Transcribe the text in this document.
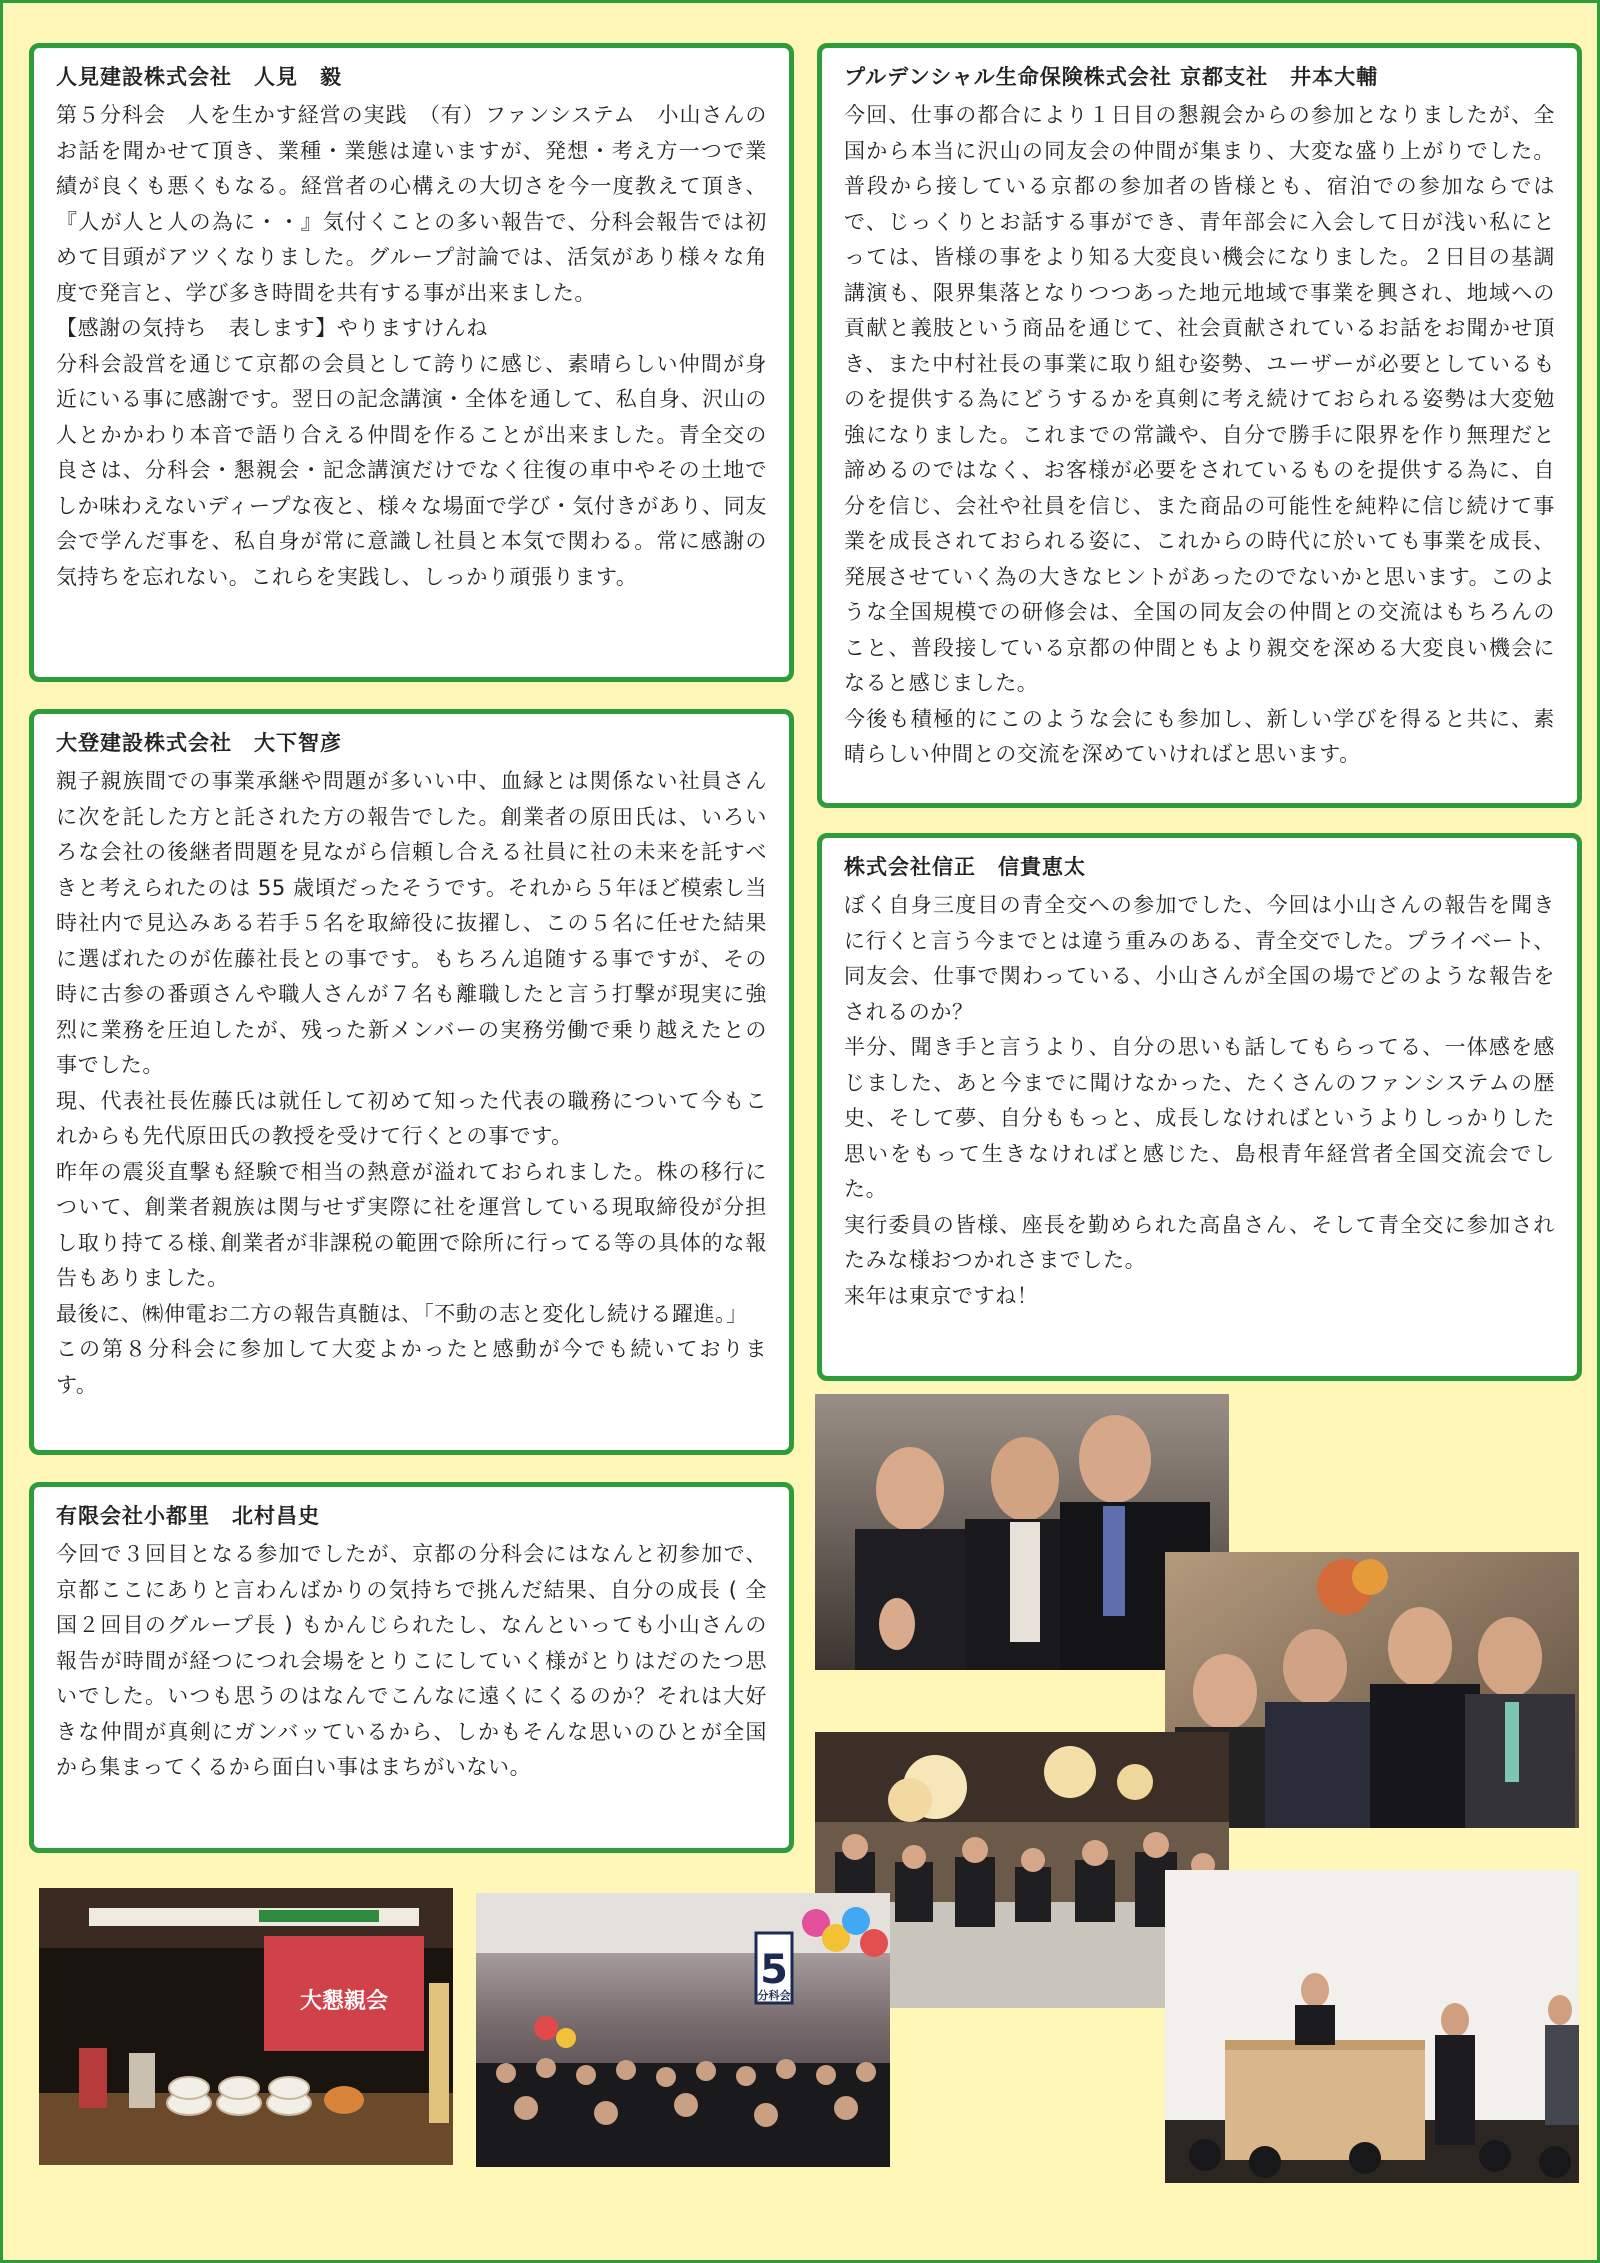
人見建設株式会社　人見　毅

第５分科会　人を生かす経営の実践　（有）ファンシステム　小山さんのお話を聞かせて頂き、業種・業態は違いますが、発想・考え方一つで業績が良くも悪くもなる。経営者の心構えの大切さを今一度教えて頂き、『人が人と人の為に・・』気付くことの多い報告で、分科会報告では初めて目頭がアツくなりました。グループ討論では、活気があり様々な角度で発言と、学び多き時間を共有する事が出来ました。

【感謝の気持ち　表します】やりますけんね

分科会設営を通じて京都の会員として誇りに感じ、素晴らしい仲間が身近にいる事に感謝です。翌日の記念講演・全体を通して、私自身、沢山の人とかかわり本音で語り合える仲間を作ることが出来ました。青全交の良さは、分科会・懇親会・記念講演だけでなく往復の車中やその土地でしか味わえないディープな夜と、様々な場面で学び・気付きがあり、同友会で学んだ事を、私自身が常に意識し社員と本気で関わる。常に感謝の気持ちを忘れない。これらを実践し、しっかり頑張ります。

大登建設株式会社　大下智彦

親子親族間での事業承継や問題が多いい中、血縁とは関係ない社員さんに次を託した方と託された方の報告でした。創業者の原田氏は、いろいろな会社の後継者問題を見ながら信頼し合える社員に社の未来を託すべきと考えられたのは 55 歳頃だったそうです。それから５年ほど模索し当時社内で見込みある若手５名を取締役に抜擢し、この５名に任せた結果に選ばれたのが佐藤社長との事です。もちろん追随する事ですが、その時に古参の番頭さんや職人さんが７名も離職したと言う打撃が現実に強烈に業務を圧迫したが、残った新メンバーの実務労働で乗り越えたとの事でした。

現、代表社長佐藤氏は就任して初めて知った代表の職務について今もこれからも先代原田氏の教授を受けて行くとの事です。

昨年の震災直撃も経験で相当の熱意が溢れておられました。株の移行について、創業者親族は関与せず実際に社を運営している現取締役が分担し取り持てる様､創業者が非課税の範囲で除所に行ってる等の具体的な報告もありました。

最後に、㈱伸電お二方の報告真髄は､「不動の志と変化し続ける躍進｡」

この第８分科会に参加して大変よかったと感動が今でも続いております。

有限会社小都里　北村昌史

今回で３回目となる参加でしたが、京都の分科会にはなんと初参加で、京都ここにありと言わんばかりの気持ちで挑んだ結果、自分の成長 ( 全国２回目のグループ長 ) もかんじられたし、なんといっても小山さんの報告が時間が経つにつれ会場をとりこにしていく様がとりはだのたつ思いでした。いつも思うのはなんでこんなに遠くにくるのか？それは大好きな仲間が真剣にガンバッているから、しかもそんな思いのひとが全国から集まってくるから面白い事はまちがいない。

プルデンシャル生命保険株式会社 京都支社　井本大輔

今回、仕事の都合により１日目の懇親会からの参加となりましたが、全国から本当に沢山の同友会の仲間が集まり、大変な盛り上がりでした。普段から接している京都の参加者の皆様とも、宿泊での参加ならではで、じっくりとお話する事ができ、青年部会に入会して日が浅い私にとっては、皆様の事をより知る大変良い機会になりました。２日目の基調講演も、限界集落となりつつあった地元地域で事業を興され、地域への貢献と義肢という商品を通じて、社会貢献されているお話をお聞かせ頂き、また中村社長の事業に取り組む姿勢、ユーザーが必要としているものを提供する為にどうするかを真剣に考え続けておられる姿勢は大変勉強になりました。これまでの常識や、自分で勝手に限界を作り無理だと諦めるのではなく、お客様が必要をされているものを提供する為に、自分を信じ、会社や社員を信じ、また商品の可能性を純粋に信じ続けて事業を成長されておられる姿に、これからの時代に於いても事業を成長、発展させていく為の大きなヒントがあったのでないかと思います。このような全国規模での研修会は、全国の同友会の仲間との交流はもちろんのこと、普段接している京都の仲間ともより親交を深める大変良い機会になると感じました。

今後も積極的にこのような会にも参加し、新しい学びを得ると共に、素晴らしい仲間との交流を深めていければと思います。

株式会社信正　信貴恵太

ぼく自身三度目の青全交への参加でした、今回は小山さんの報告を聞きに行くと言う今までとは違う重みのある、青全交でした。プライベート、同友会、仕事で関わっている、小山さんが全国の場でどのような報告をされるのか？

半分、聞き手と言うより、自分の思いも話してもらってる、一体感を感じました、あと今までに聞けなかった、たくさんのファンシステムの歴史、そして夢、自分ももっと、成長しなければというよりしっかりした思いをもって生きなければと感じた、島根青年経営者全国交流会でした。

実行委員の皆様、座長を勤められた高畠さん、そして青全交に参加されたみな様おつかれさまでした。

来年は東京ですね！

大懇親会
5
分科会
